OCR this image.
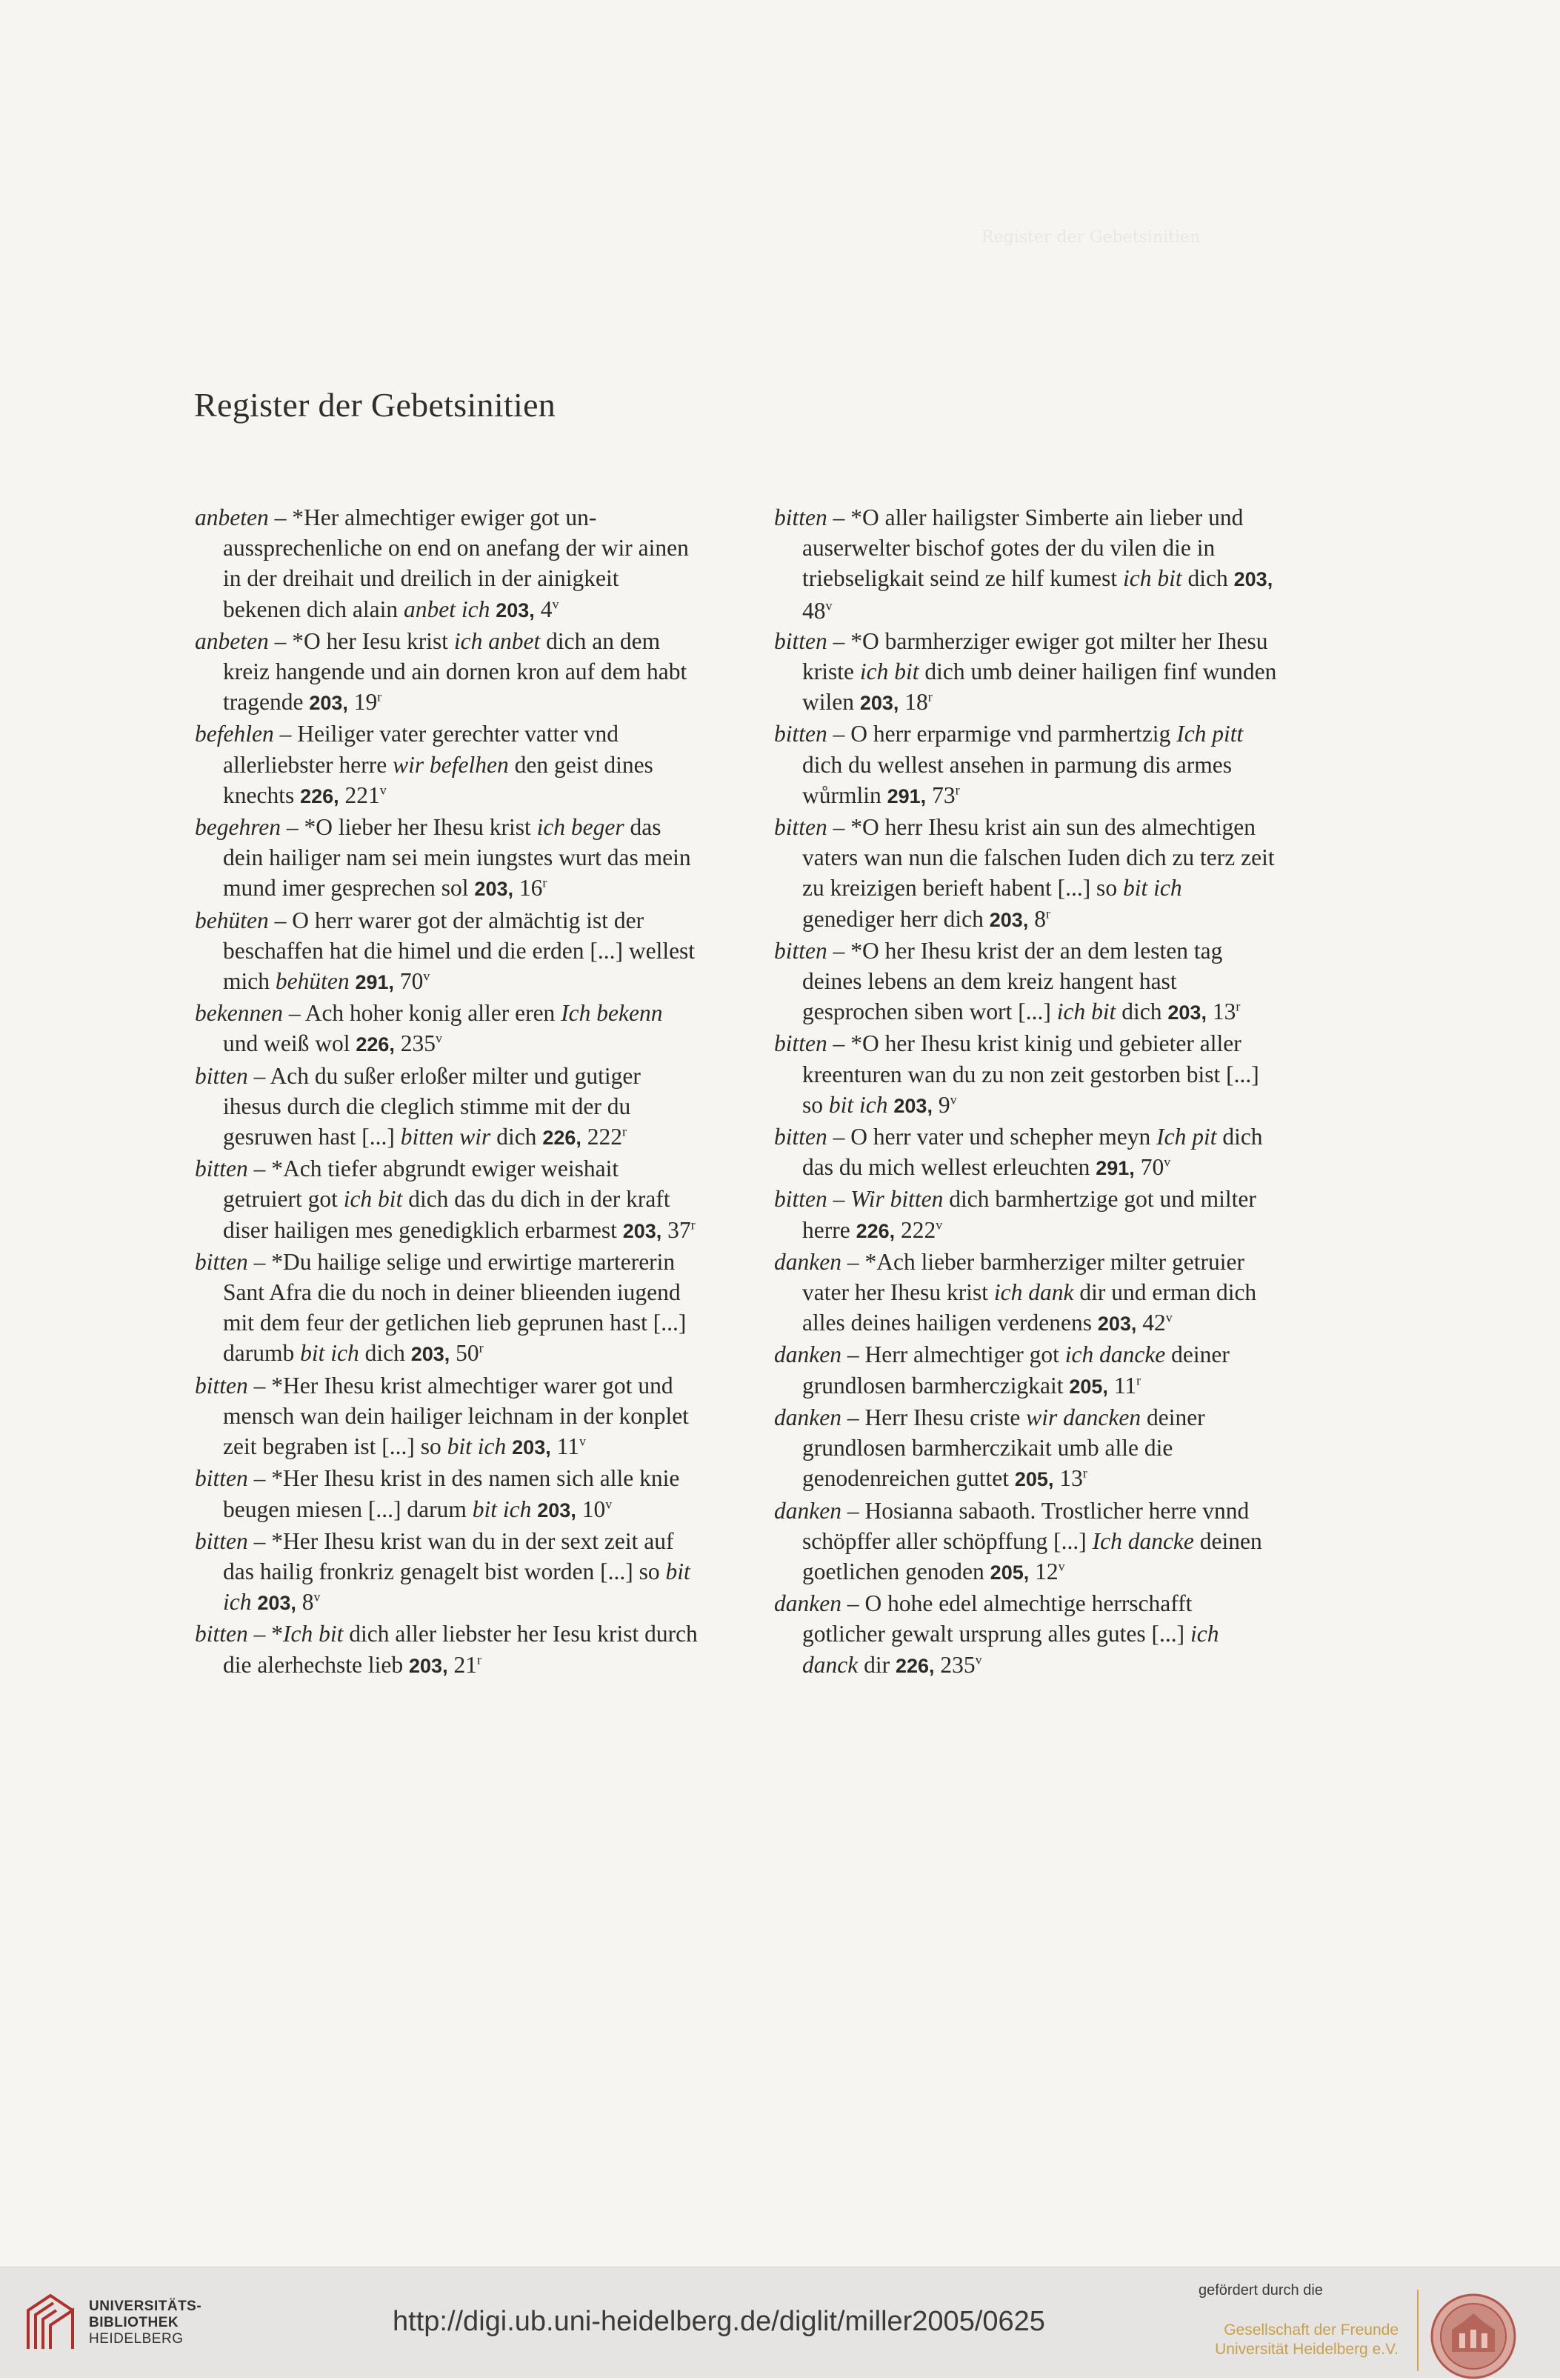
Register der Gebetsinitien
Register der Gebetsinitien

anbeten – *Her almechtiger ewiger got unaussprechenliche on end on anefang der wir ainen in der dreihait und dreilich in der ainigkeit bekenen dich alain anbet ich 203, 4$^v$

anbeten – *O her Iesu krist ich anbet dich an dem kreiz hangende und ain dornen kron auf dem habt tragende 203, 19$^r$

befehlen – Heiliger vater gerechter vatter vnd allerliebster herre wir befelhen den geist dines knechts 226, 221$^v$

begehren – *O lieber her Ihesu krist ich beger das dein hailiger nam sei mein iungstes wurt das mein mund imer gesprechen sol 203, 16$^r$

behüten – O herr warer got der almächtig ist der beschaffen hat die himel und die erden [...] wellest mich behüten 291, 70$^v$

bekennen – Ach hoher konig aller eren Ich bekenn und weiß wol 226, 235$^v$

bitten – Ach du sußer erloßer milter und gutiger ihesus durch die cleglich stimme mit der du gesruwen hast [...] bitten wir dich 226, 222$^r$

bitten – *Ach tiefer abgrundt ewiger weishait getruiert got ich bit dich das du dich in der kraft diser hailigen mes genedigklich erbarmest 203, 37$^r$

bitten – *Du hailige selige und erwirtige martererin Sant Afra die du noch in deiner blieenden iugend mit dem feur der getlichen lieb geprunen hast [...] darumb bit ich dich 203, 50$^r$

bitten – *Her Ihesu krist almechtiger warer got und mensch wan dein hailiger leichnam in der konplet zeit begraben ist [...] so bit ich 203, 11$^v$

bitten – *Her Ihesu krist in des namen sich alle knie beugen miesen [...] darum bit ich 203, 10$^v$

bitten – *Her Ihesu krist wan du in der sext zeit auf das hailig fronkriz genagelt bist worden [...] so bit ich 203, 8$^v$

bitten – *Ich bit dich aller liebster her Iesu krist durch die alerhechste lieb 203, 21$^r$

bitten – *O aller hailigster Simberte ain lieber und auserwelter bischof gotes der du vilen die in triebseligkait seind ze hilf kumest ich bit dich 203, 48$^v$

bitten – *O barmherziger ewiger got milter her Ihesu kriste ich bit dich umb deiner hailigen finf wunden wilen 203, 18$^r$

bitten – O herr erparmige vnd parmhertzig Ich pitt dich du wellest ansehen in parmung dis armes wůrmlin 291, 73$^r$

bitten – *O herr Ihesu krist ain sun des almechtigen vaters wan nun die falschen Iuden dich zu terz zeit zu kreizigen berieft habent [...] so bit ich genediger herr dich 203, 8$^r$

bitten – *O her Ihesu krist der an dem lesten tag deines lebens an dem kreiz hangent hast gesprochen siben wort [...] ich bit dich 203, 13$^r$

bitten – *O her Ihesu krist kinig und gebieter aller kreenturen wan du zu non zeit gestorben bist [...] so bit ich 203, 9$^v$

bitten – O herr vater und schepher meyn Ich pit dich das du mich wellest erleuchten 291, 70$^v$

bitten – Wir bitten dich barmhertzige got und milter herre 226, 222$^v$

danken – *Ach lieber barmherziger milter getruier vater her Ihesu krist ich dank dir und erman dich alles deines hailigen verdenens 203, 42$^v$

danken – Herr almechtiger got ich dancke deiner grundlosen barmherczigkait 205, 11$^r$

danken – Herr Ihesu criste wir dancken deiner grundlosen barmherczikait umb alle die genodenreichen guttet 205, 13$^r$

danken – Hosianna sabaoth. Trostlicher herre vnnd schöpffer aller schöpffung [...] Ich dancke deinen goetlichen genoden 205, 12$^v$

danken – O hohe edel almechtige herrschafft gotlicher gewalt ursprung alles gutes [...] ich danck dir 226, 235$^v$

UNIVERSITÄTS-
BIBLIOTHEK
HEIDELBERG
http://digi.ub.uni-heidelberg.de/diglit/miller2005/0625
gefördert durch die
Gesellschaft der Freunde
Universität Heidelberg e.V.
